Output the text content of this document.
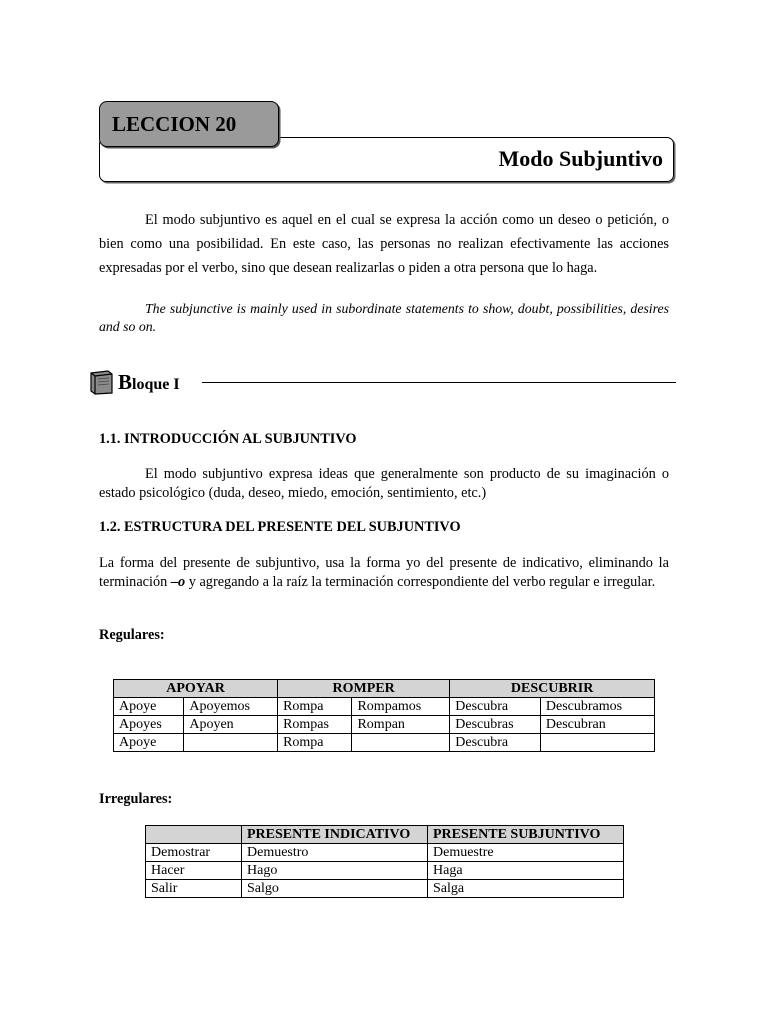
LECCION 20
Modo Subjuntivo

El modo subjuntivo es aquel en el cual se expresa la acción como un deseo o petición, o bien como una posibilidad. En este caso, las personas no realizan efectivamente las acciones expresadas por el verbo, sino que desean realizarlas o piden a otra persona que lo haga.

The subjunctive is mainly used in subordinate statements to show, doubt, possibilities, desires and so on.

Bloque I
1.1. INTRODUCCIÓN AL SUBJUNTIVO

El modo subjuntivo expresa ideas que generalmente son producto de su imaginación o estado psicológico (duda, deseo, miedo, emoción, sentimiento, etc.)

1.2. ESTRUCTURA DEL PRESENTE DEL SUBJUNTIVO

La forma del presente de subjuntivo, usa la forma yo del presente de indicativo, eliminando la terminación –o y agregando a la raíz la terminación correspondiente del verbo regular e irregular.

Regulares:
APOYAR		ROMPER		DESCUBRIR	
Apoye	Apoyemos	Rompa	Rompamos	Descubra	Descubramos
Apoyes	Apoyen	Rompas	Rompan	Descubras	Descubran
Apoye		Rompa		Descubra	
Irregulares:
	PRESENTE INDICATIVO	PRESENTE SUBJUNTIVO
Demostrar	Demuestro	Demuestre
Hacer	Hago	Haga
Salir	Salgo	Salga
